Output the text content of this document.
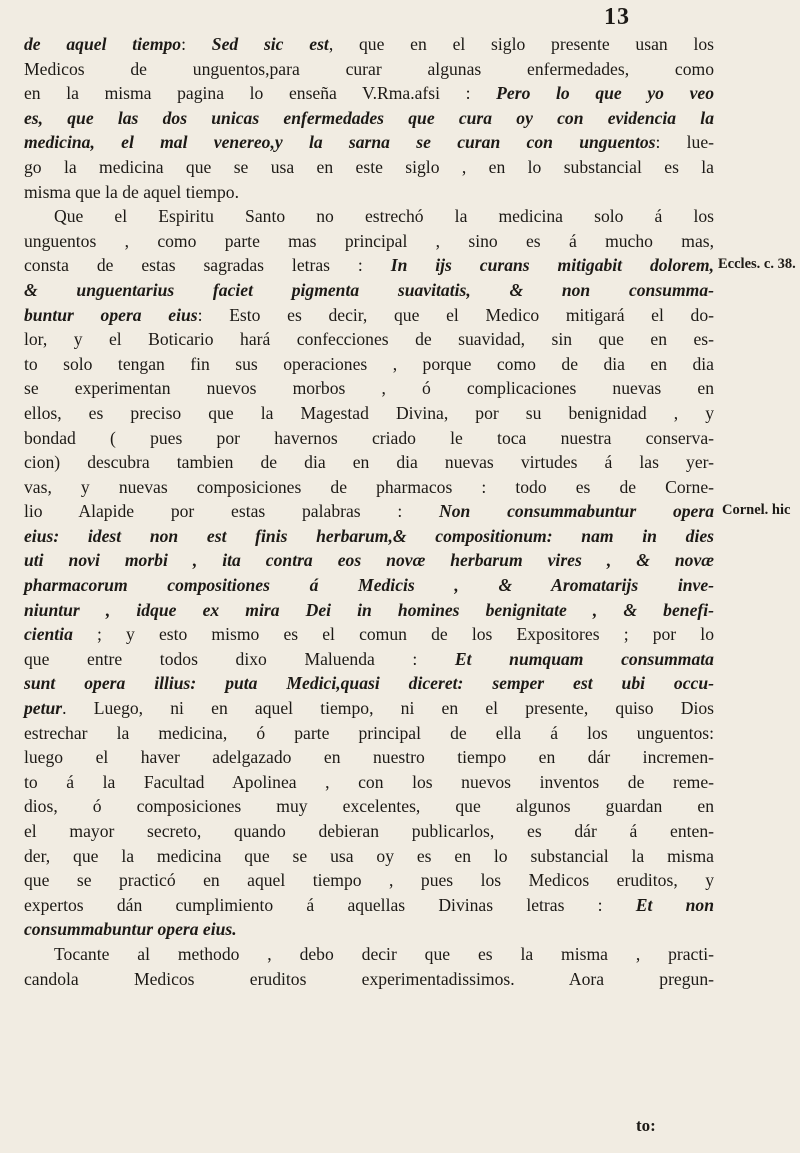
13
de aquel tiempo: Sed sic est, que en el siglo presente usan los
Medicos de unguentos,para curar algunas enfermedades, como
en la misma pagina lo enseña V.Rma.afsi : Pero lo que yo veo
es, que las dos unicas enfermedades que cura oy con evidencia la
medicina, el mal venereo,y la sarna se curan con unguentos: lue-
go la medicina que se usa en este siglo , en lo substancial es la
misma que la de aquel tiempo.
Que el Espiritu Santo no estrechó la medicina solo á los
unguentos , como parte mas principal , sino es á mucho mas,
consta de estas sagradas letras : In ijs curans mitigabit dolorem,
& unguentarius faciet pigmenta suavitatis, & non consumma-
buntur opera eius: Esto es decir, que el Medico mitigará el do-
lor, y el Boticario hará confecciones de suavidad, sin que en es-
to solo tengan fin sus operaciones , porque como de dia en dia
se experimentan nuevos morbos , ó complicaciones nuevas en
ellos, es preciso que la Magestad Divina, por su benignidad , y
bondad ( pues por havernos criado le toca nuestra conserva-
cion) descubra tambien de dia en dia nuevas virtudes á las yer-
vas, y nuevas composiciones de pharmacos : todo es de Corne-
lio Alapide por estas palabras : Non consummabuntur opera
eius: idest non est finis herbarum,& compositionum: nam in dies
uti novi morbi , ita contra eos novæ herbarum vires , & novæ
pharmacorum compositiones á Medicis , & Aromatarijs inve-
niuntur , idque ex mira Dei in homines benignitate , & benefi-
cientia ; y esto mismo es el comun de los Expositores ; por lo
que entre todos dixo Maluenda : Et numquam consummata
sunt opera illius: puta Medici,quasi diceret: semper est ubi occu-
petur. Luego, ni en aquel tiempo, ni en el presente, quiso Dios
estrechar la medicina, ó parte principal de ella á los unguentos:
luego el haver adelgazado en nuestro tiempo en dár incremen-
to á la Facultad Apolinea , con los nuevos inventos de reme-
dios, ó composiciones muy excelentes, que algunos guardan en
el mayor secreto, quando debieran publicarlos, es dár á enten-
der, que la medicina que se usa oy es en lo substancial la misma
que se practicó en aquel tiempo , pues los Medicos eruditos, y
expertos dán cumplimiento á aquellas Divinas letras : Et non
consummabuntur opera eius.
Tocante al methodo , debo decir que es la misma , practi-
candola Medicos eruditos experimentadissimos. Aora pregun-
Eccles. c. 38.
Cornel. hic
to:
